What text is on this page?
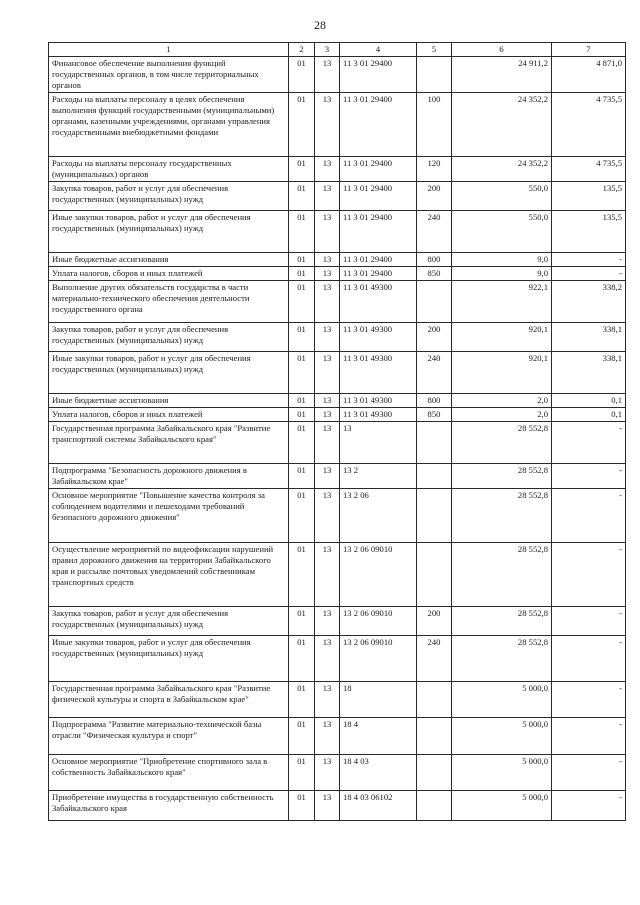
28
1	2	3	4	5	6	7
Финансовое обеспечение выполнения функций государственных органов, в том числе территориальных органов	01	13	11 3 01 29400		24 911,2	4 871,0
Расходы на выплаты персоналу в целях обеспечения выполнения функций государственными (муниципальными) органами, казенными учреждениями, органами управления государственными внебюджетными фондами	01	13	11 3 01 29400	100	24 352,2	4 735,5
Расходы на выплаты персоналу государственных (муниципальных) органов	01	13	11 3 01 29400	120	24 352,2	4 735,5
Закупка товаров, работ и услуг для обеспечения государственных (муниципальных) нужд	01	13	11 3 01 29400	200	550,0	135,5
Иные закупки товаров, работ и услуг для обеспечения государственных (муниципальных) нужд	01	13	11 3 01 29400	240	550,0	135,5
Иные бюджетные ассигнования	01	13	11 3 01 29400	800	9,0	-
Уплата налогов, сборов и иных платежей	01	13	11 3 01 29400	850	9,0	-
Выполнение других обязательств государства в части материально-технического обеспечения деятельности государственного органа	01	13	11 3 01 49300		922,1	338,2
Закупка товаров, работ и услуг для обеспечения государственных (муниципальных) нужд	01	13	11 3 01 49300	200	920,1	338,1
Иные закупки товаров, работ и услуг для обеспечения государственных (муниципальных) нужд	01	13	11 3 01 49300	240	920,1	338,1
Иные бюджетные ассигнования	01	13	11 3 01 49300	800	2,0	0,1
Уплата налогов, сборов и иных платежей	01	13	11 3 01 49300	850	2,0	0,1
Государственная программа Забайкальского края "Развитие транспортной системы Забайкальского края"	01	13	13		28 552,8	-
Подпрограмма "Безопасность дорожного движения в Забайкальском крае"	01	13	13 2		28 552,8	-
Основное мероприятие "Повышение качества контроля за соблюдением водителями и пешеходами требований безопасного дорожного движения"	01	13	13 2 06		28 552,8	-
Осуществление мероприятий по видеофиксации нарушений правил дорожного движения на территории Забайкальского края и рассылке почтовых уведомлений собственникам транспортных средств	01	13	13 2 06 09010		28 552,8	-
Закупка товаров, работ и услуг для обеспечения государственных (муниципальных) нужд	01	13	13 2 06 09010	200	28 552,8	-
Иные закупки товаров, работ и услуг для обеспечения государственных (муниципальных) нужд	01	13	13 2 06 09010	240	28 552,8	-
Государственная программа Забайкальского края "Развитие физической культуры и спорта в Забайкальском крае"	01	13	18		5 000,0	-
Подпрограмма "Развитие материально-технической базы отрасли "Физическая культура и спорт"	01	13	18 4		5 000,0	-
Основное мероприятие "Приобретение спортивного зала в собственность Забайкальского края"	01	13	18 4 03		5 000,0	-
Приобретение имущества в государственную собственность Забайкальского края	01	13	18 4 03 06102		5 000,0	-
